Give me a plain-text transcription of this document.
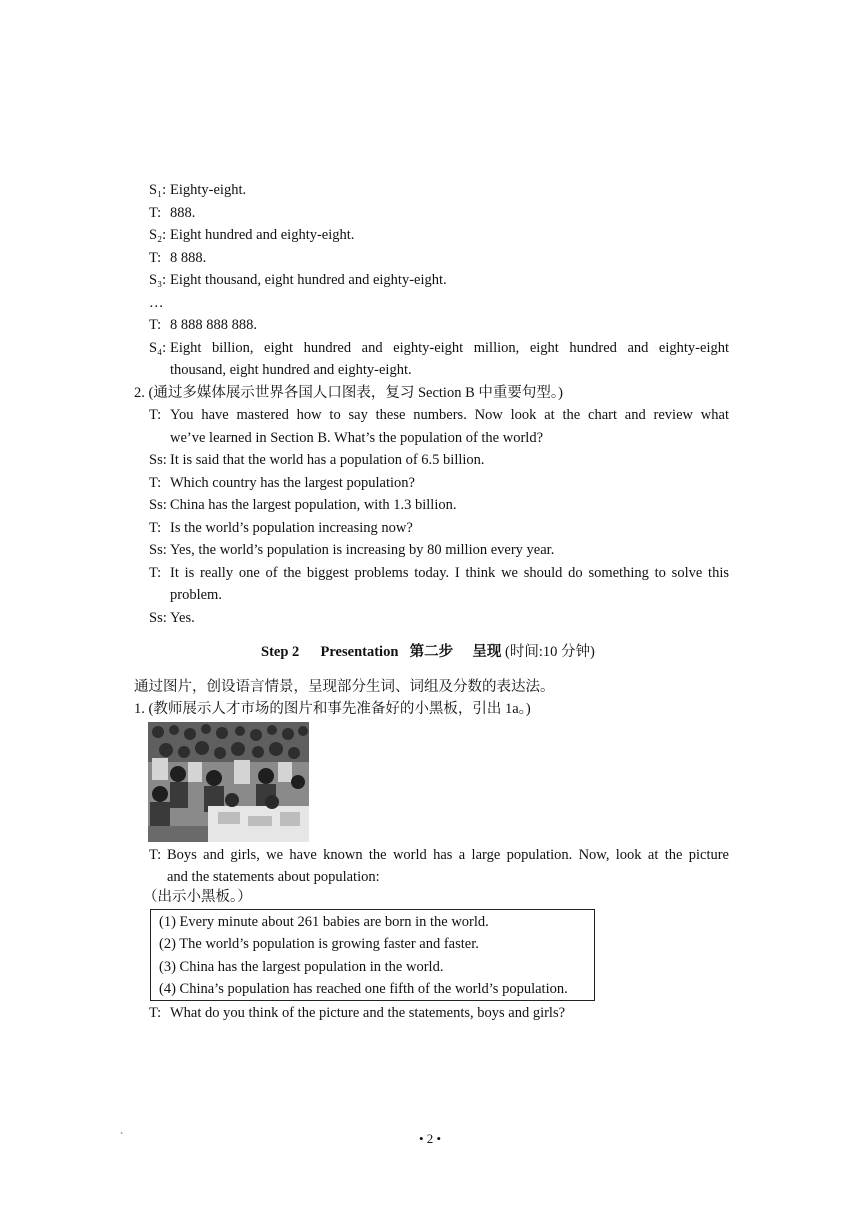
S₁: Eighty-eight.
T: 888.
S₂: Eight hundred and eighty-eight.
T: 8 888.
S₃: Eight thousand, eight hundred and eighty-eight.
…
T: 8 888 888 888.
S₄: Eight billion, eight hundred and eighty-eight million, eight hundred and eighty-eight
thousand, eight hundred and eighty-eight.
2. (通过多媒体展示世界各国人口图表，复习 Section B 中重要句型。)
T: You have mastered how to say these numbers. Now look at the chart and review what
we’ve learned in Section B. What’s the population of the world?
Ss: It is said that the world has a population of 6.5 billion.
T: Which country has the largest population?
Ss: China has the largest population, with 1.3 billion.
T: Is the world’s population increasing now?
Ss: Yes, the world’s population is increasing by 80 million every year.
T: It is really one of the biggest problems today. I think we should do something to solve this
problem.
Ss: Yes.
Step 2 Presentation 第二步 呈现 (时间:10 分钟)
通过图片，创设语言情景，呈现部分生词、词组及分数的表达法。
1. (教师展示人才市场的图片和事先准备好的小黑板，引出 1a。)
T: Boys and girls, we have known the world has a large population. Now, look at the picture
and the statements about population:
（出示小黑板。）
(1) Every minute about 261 babies are born in the world.
(2) The world’s population is growing faster and faster.
(3) China has the largest population in the world.
(4) China’s population has reached one fifth of the world’s population.
T: What do you think of the picture and the statements, boys and girls?
`	• 2 •
